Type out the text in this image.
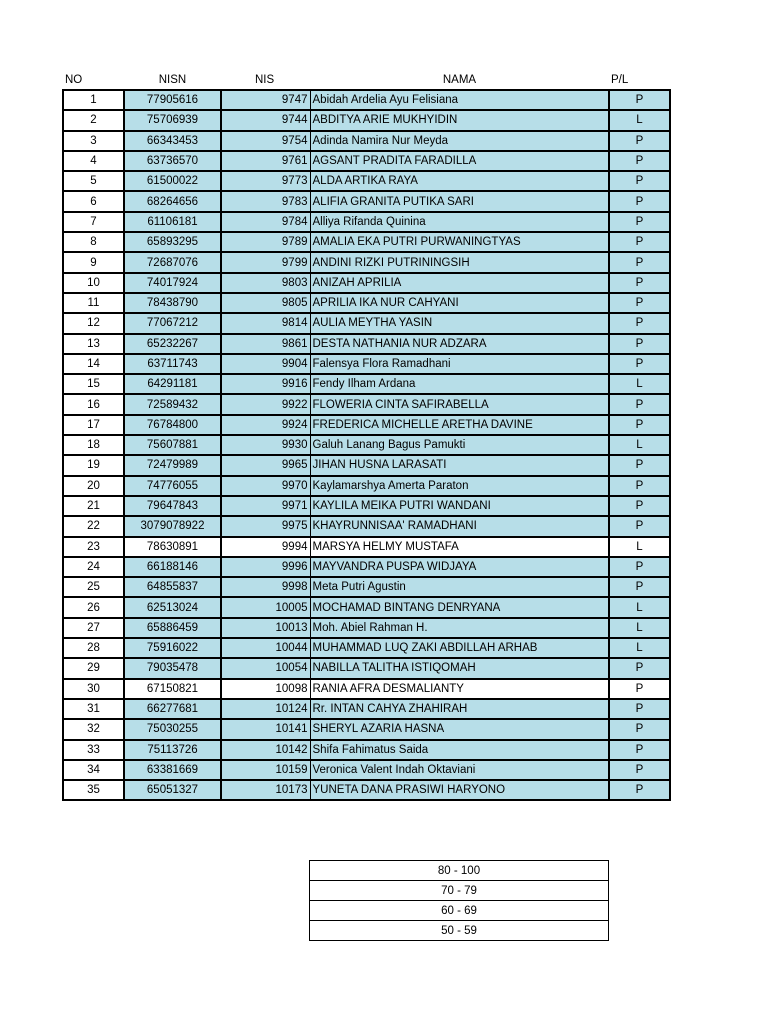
NO	NISN	NIS	NAMA	P/L
1	77905616	9747	Abidah Ardelia Ayu Felisiana	P
2	75706939	9744	ABDITYA ARIE MUKHYIDIN	L
3	66343453	9754	Adinda Namira Nur Meyda	P
4	63736570	9761	AGSANT PRADITA FARADILLA	P
5	61500022	9773	ALDA ARTIKA RAYA	P
6	68264656	9783	ALIFIA GRANITA PUTIKA SARI	P
7	61106181	9784	Alliya Rifanda Quinina	P
8	65893295	9789	AMALIA EKA PUTRI PURWANINGTYAS	P
9	72687076	9799	ANDINI RIZKI PUTRININGSIH	P
10	74017924	9803	ANIZAH APRILIA	P
11	78438790	9805	APRILIA IKA NUR CAHYANI	P
12	77067212	9814	AULIA MEYTHA YASIN	P
13	65232267	9861	DESTA NATHANIA NUR ADZARA	P
14	63711743	9904	Falensya Flora Ramadhani	P
15	64291181	9916	Fendy Ilham Ardana	L
16	72589432	9922	FLOWERIA CINTA SAFIRABELLA	P
17	76784800	9924	FREDERICA MICHELLE ARETHA DAVINE	P
18	75607881	9930	Galuh Lanang Bagus Pamukti	L
19	72479989	9965	JIHAN HUSNA LARASATI	P
20	74776055	9970	Kaylamarshya Amerta Paraton	P
21	79647843	9971	KAYLILA MEIKA PUTRI WANDANI	P
22	3079078922	9975	KHAYRUNNISAA' RAMADHANI	P
23	78630891	9994	MARSYA HELMY MUSTAFA	L
24	66188146	9996	MAYVANDRA PUSPA WIDJAYA	P
25	64855837	9998	Meta Putri Agustin	P
26	62513024	10005	MOCHAMAD BINTANG DENRYANA	L
27	65886459	10013	Moh. Abiel Rahman H.	L
28	75916022	10044	MUHAMMAD LUQ ZAKI ABDILLAH ARHAB	L
29	79035478	10054	NABILLA TALITHA ISTIQOMAH	P
30	67150821	10098	RANIA AFRA DESMALIANTY	P
31	66277681	10124	Rr. INTAN CAHYA ZHAHIRAH	P
32	75030255	10141	SHERYL AZARIA HASNA	P
33	75113726	10142	Shifa Fahimatus Saida	P
34	63381669	10159	Veronica Valent Indah Oktaviani	P
35	65051327	10173	YUNETA DANA PRASIWI HARYONO	P
80 - 100
70 - 79
60 - 69
50 - 59
